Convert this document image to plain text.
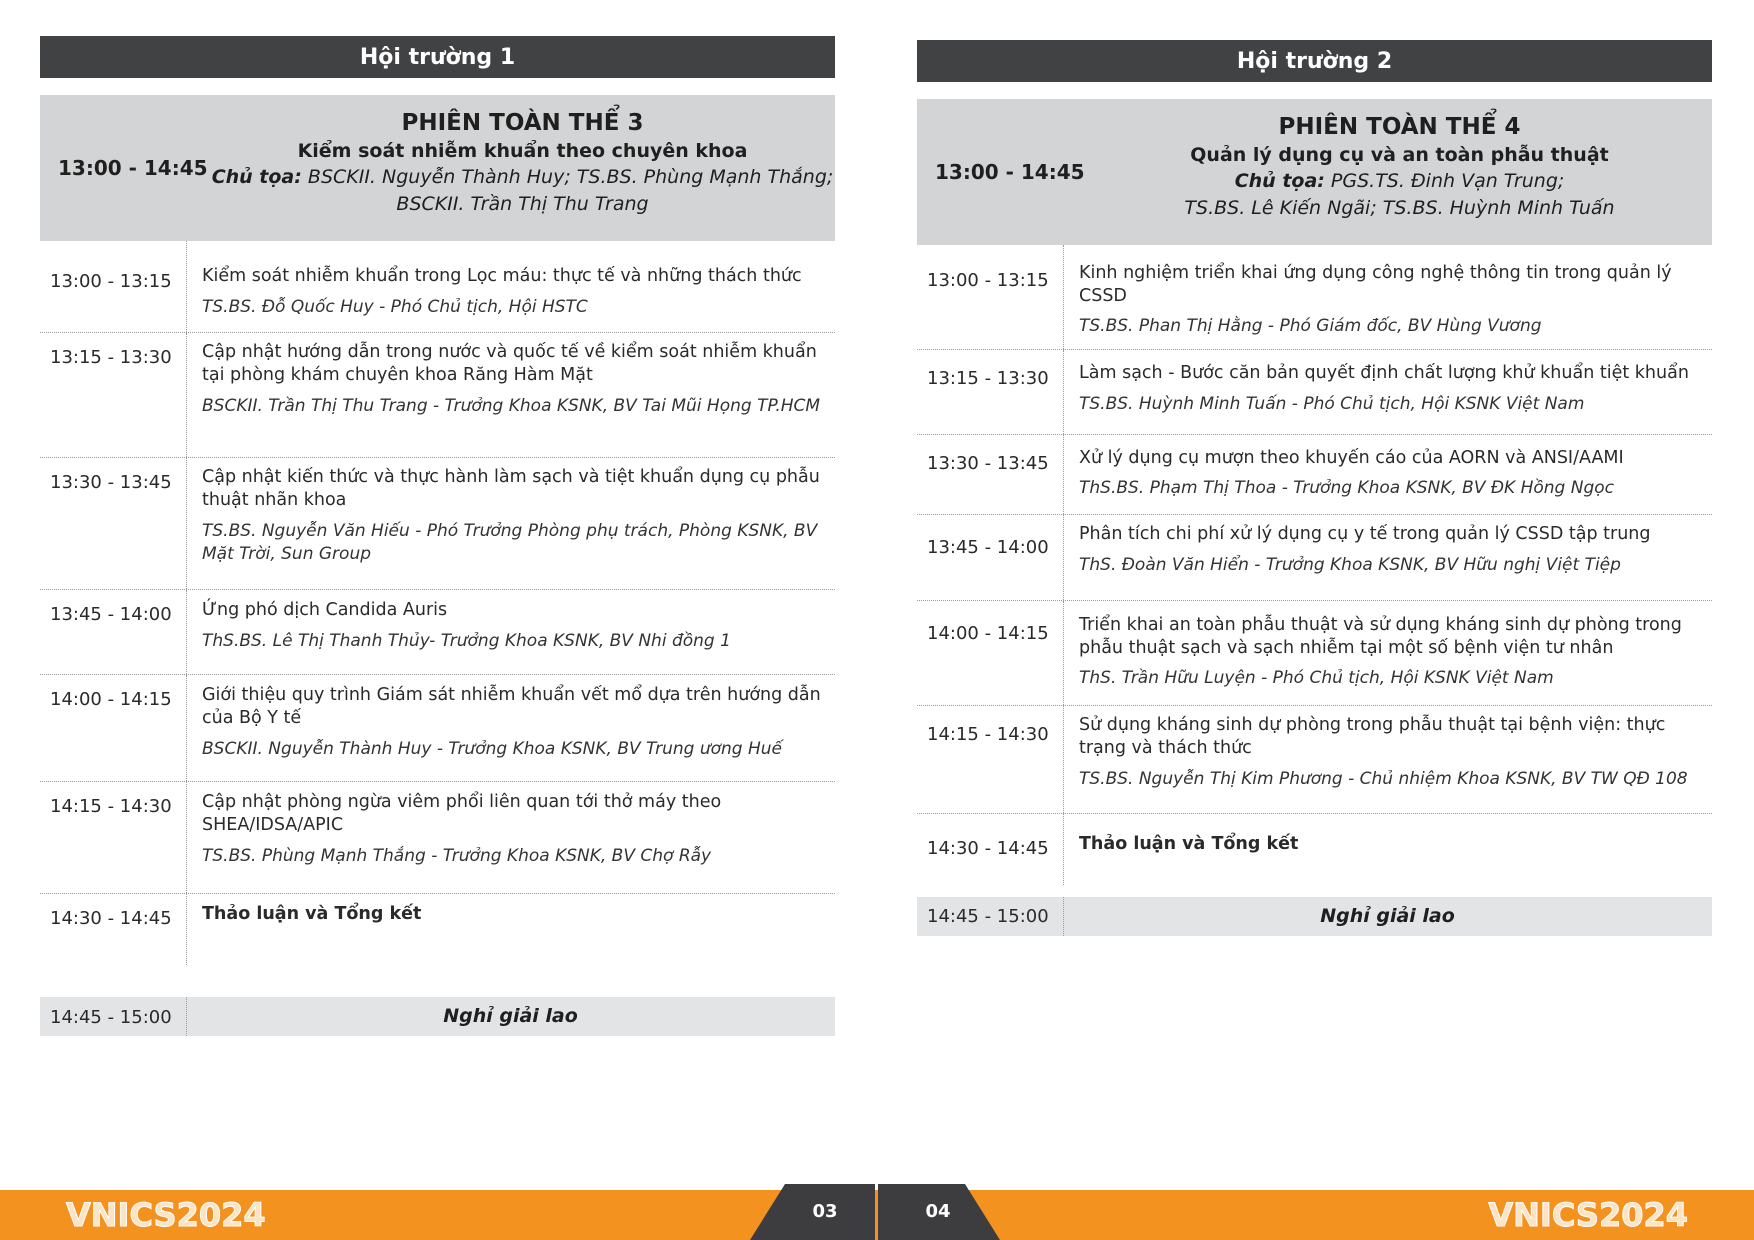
Hội trường 1
13:00 - 14:45
PHIÊN TOÀN THỂ 3
Kiểm soát nhiễm khuẩn theo chuyên khoa
Chủ tọa: BSCKII. Nguyễn Thành Huy; TS.BS. Phùng Mạnh Thắng;
BSCKII. Trần Thị Thu Trang
13:00 - 13:15 Kiểm soát nhiễm khuẩn trong Lọc máu: thực tế và những thách thức
TS.BS. Đỗ Quốc Huy - Phó Chủ tịch, Hội HSTC
13:15 - 13:30 Cập nhật hướng dẫn trong nước và quốc tế về kiểm soát nhiễm khuẩn tại phòng khám chuyên khoa Răng Hàm Mặt
BSCKII. Trần Thị Thu Trang - Trưởng Khoa KSNK, BV Tai Mũi Họng TP.HCM
13:30 - 13:45 Cập nhật kiến thức và thực hành làm sạch và tiệt khuẩn dụng cụ phẫu thuật nhãn khoa
TS.BS. Nguyễn Văn Hiếu - Phó Trưởng Phòng phụ trách, Phòng KSNK, BV Mặt Trời, Sun Group
13:45 - 14:00 Ứng phó dịch Candida Auris
ThS.BS. Lê Thị Thanh Thủy- Trưởng Khoa KSNK, BV Nhi đồng 1
14:00 - 14:15 Giới thiệu quy trình Giám sát nhiễm khuẩn vết mổ dựa trên hướng dẫn của Bộ Y tế
BSCKII. Nguyễn Thành Huy - Trưởng Khoa KSNK, BV Trung ương Huế
14:15 - 14:30 Cập nhật phòng ngừa viêm phổi liên quan tới thở máy theo SHEA/IDSA/APIC
TS.BS. Phùng Mạnh Thắng - Trưởng Khoa KSNK, BV Chợ Rẫy
14:30 - 14:45 Thảo luận và Tổng kết
14:45 - 15:00	Nghỉ giải lao
Hội trường 2
13:00 - 14:45
PHIÊN TOÀN THỂ 4
Quản lý dụng cụ và an toàn phẫu thuật
Chủ tọa: PGS.TS. Đinh Vạn Trung;
TS.BS. Lê Kiến Ngãi; TS.BS. Huỳnh Minh Tuấn
13:00 - 13:15 Kinh nghiệm triển khai ứng dụng công nghệ thông tin trong quản lý CSSD
TS.BS. Phan Thị Hằng - Phó Giám đốc, BV Hùng Vương
13:15 - 13:30 Làm sạch - Bước căn bản quyết định chất lượng khử khuẩn tiệt khuẩn
TS.BS. Huỳnh Minh Tuấn - Phó Chủ tịch, Hội KSNK Việt Nam
13:30 - 13:45 Xử lý dụng cụ mượn theo khuyến cáo của AORN và ANSI/AAMI
ThS.BS. Phạm Thị Thoa - Trưởng Khoa KSNK, BV ĐK Hồng Ngọc
13:45 - 14:00
Phân tích chi phí xử lý dụng cụ y tế trong quản lý CSSD tập trung
ThS. Đoàn Văn Hiển - Trưởng Khoa KSNK, BV Hữu nghị Việt Tiệp
14:00 - 14:15 Triển khai an toàn phẫu thuật và sử dụng kháng sinh dự phòng trong phẫu thuật sạch và sạch nhiễm tại một số bệnh viện tư nhân
ThS. Trần Hữu Luyện - Phó Chủ tịch, Hội KSNK Việt Nam
14:15 - 14:30 Sử dụng kháng sinh dự phòng trong phẫu thuật tại bệnh viện: thực trạng và thách thức
TS.BS. Nguyễn Thị Kim Phương - Chủ nhiệm Khoa KSNK, BV TW QĐ 108
14:30 - 14:45 Thảo luận và Tổng kết
14:45 - 15:00	Nghỉ giải lao
VNICS2024	VNICS2024
03	04
